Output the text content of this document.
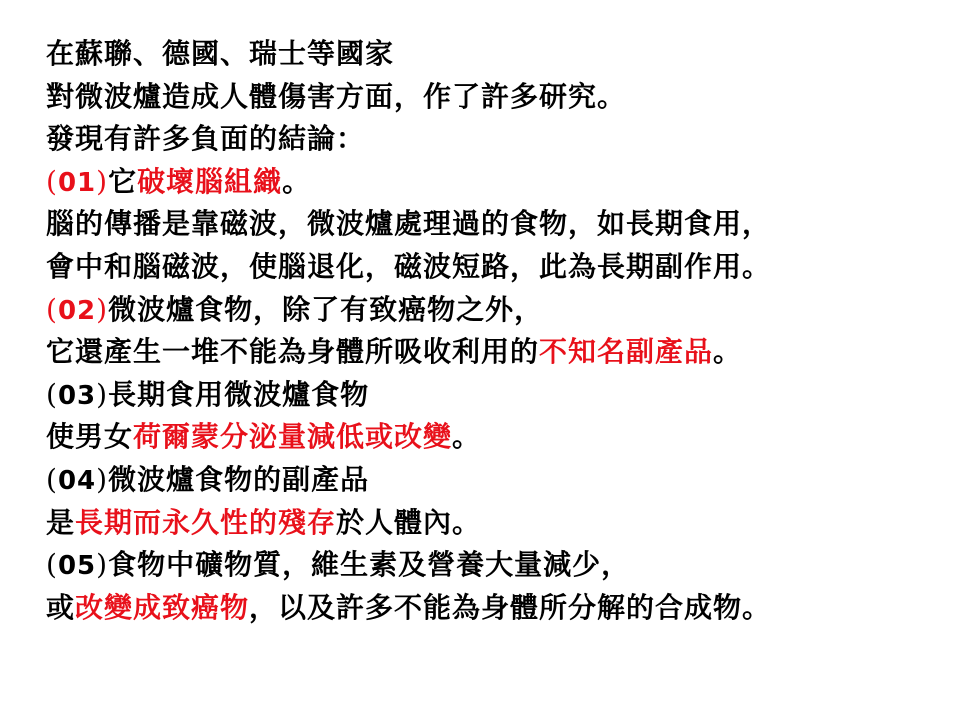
在蘇聯、德國、瑞士等國家
對微波爐造成人體傷害方面，作了許多研究。
發現有許多負面的結論：
(01)它破壞腦組織。
腦的傳播是靠磁波，微波爐處理過的食物，如長期食用，
會中和腦磁波，使腦退化，磁波短路，此為長期副作用。
(02)微波爐食物，除了有致癌物之外，
它還產生一堆不能為身體所吸收利用的不知名副產品。
(03)長期食用微波爐食物
使男女荷爾蒙分泌量減低或改變。
(04)微波爐食物的副產品
是長期而永久性的殘存於人體內。
(05)食物中礦物質，維生素及營養大量減少，
或改變成致癌物，以及許多不能為身體所分解的合成物。
